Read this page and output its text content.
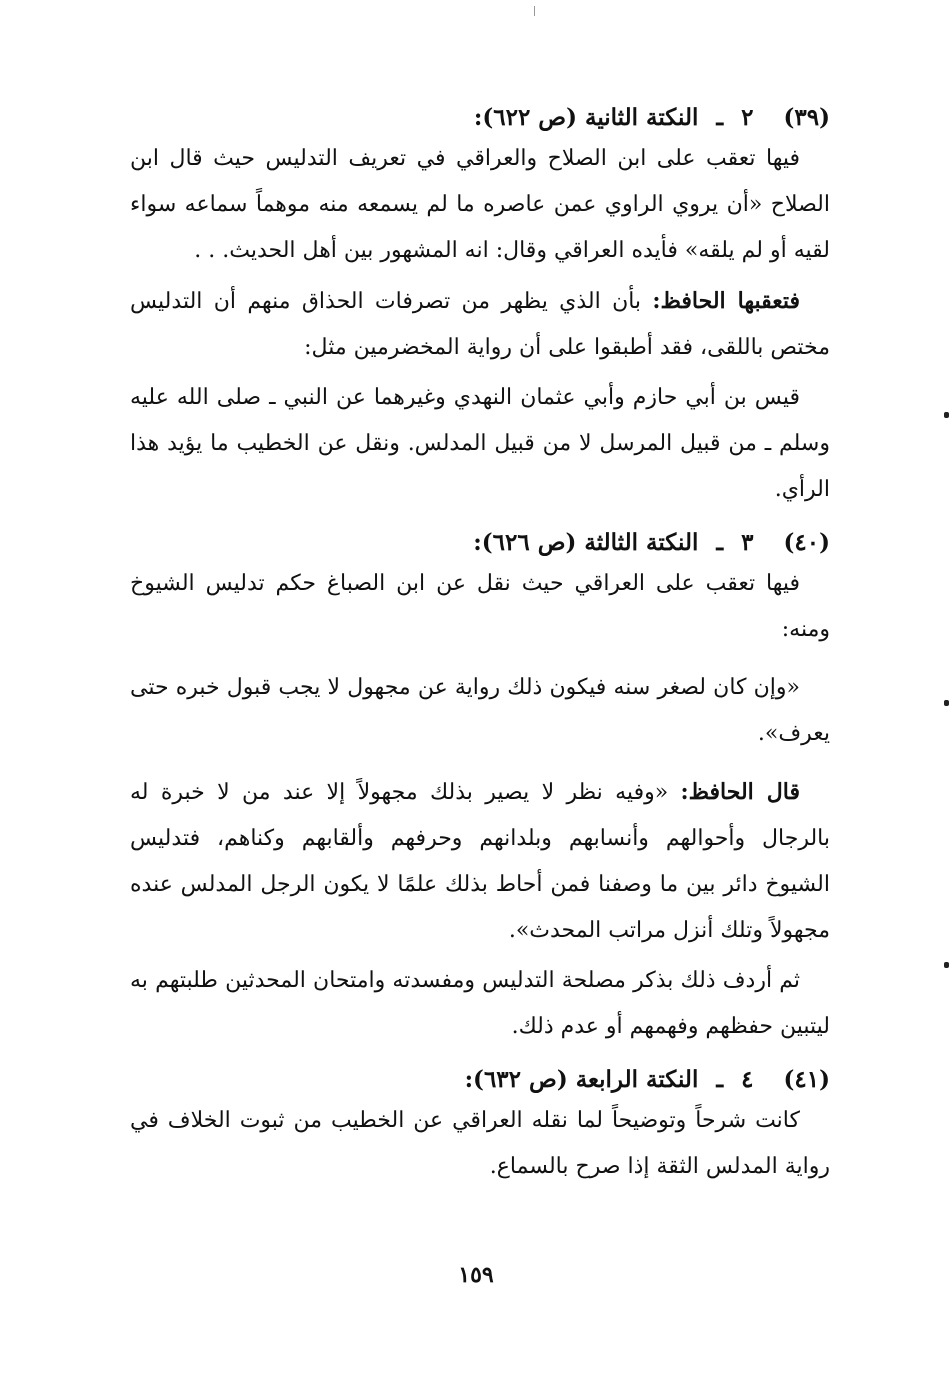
(٣٩) ٢ ـ النكتة الثانية (ص ٦٢٢):

فيها تعقب على ابن الصلاح والعراقي في تعريف التدليس حيث قال ابن الصلاح «أن يروي الراوي عمن عاصره ما لم يسمعه منه موهماً سماعه سواء لقيه أو لم يلقه» فأيده العراقي وقال: انه المشهور بين أهل الحديث. . .

فتعقبها الحافظ: بأن الذي يظهر من تصرفات الحذاق منهم أن التدليس مختص باللقى، فقد أطبقوا على أن رواية المخضرمين مثل:

قيس بن أبي حازم وأبي عثمان النهدي وغيرهما عن النبي ـ صلى الله عليه وسلم ـ من قبيل المرسل لا من قبيل المدلس. ونقل عن الخطيب ما يؤيد هذا الرأي.

(٤٠) ٣ ـ النكتة الثالثة (ص ٦٢٦):

فيها تعقب على العراقي حيث نقل عن ابن الصباغ حكم تدليس الشيوخ ومنه:

«وإن كان لصغر سنه فيكون ذلك رواية عن مجهول لا يجب قبول خبره حتى يعرف».

قال الحافظ: «وفيه نظر لا يصير بذلك مجهولاً إلا عند من لا خبرة له بالرجال وأحوالهم وأنسابهم وبلدانهم وحرفهم وألقابهم وكناهم، فتدليس الشيوخ دائر بين ما وصفنا فمن أحاط بذلك علمًا لا يكون الرجل المدلس عنده مجهولاً وتلك أنزل مراتب المحدث».

ثم أردف ذلك بذكر مصلحة التدليس ومفسدته وامتحان المحدثين طلبتهم به ليتبين حفظهم وفهمهم أو عدم ذلك.

(٤١) ٤ ـ النكتة الرابعة (ص ٦٣٢):

كانت شرحاً وتوضيحاً لما نقله العراقي عن الخطيب من ثبوت الخلاف في رواية المدلس الثقة إذا صرح بالسماع.

١٥٩
